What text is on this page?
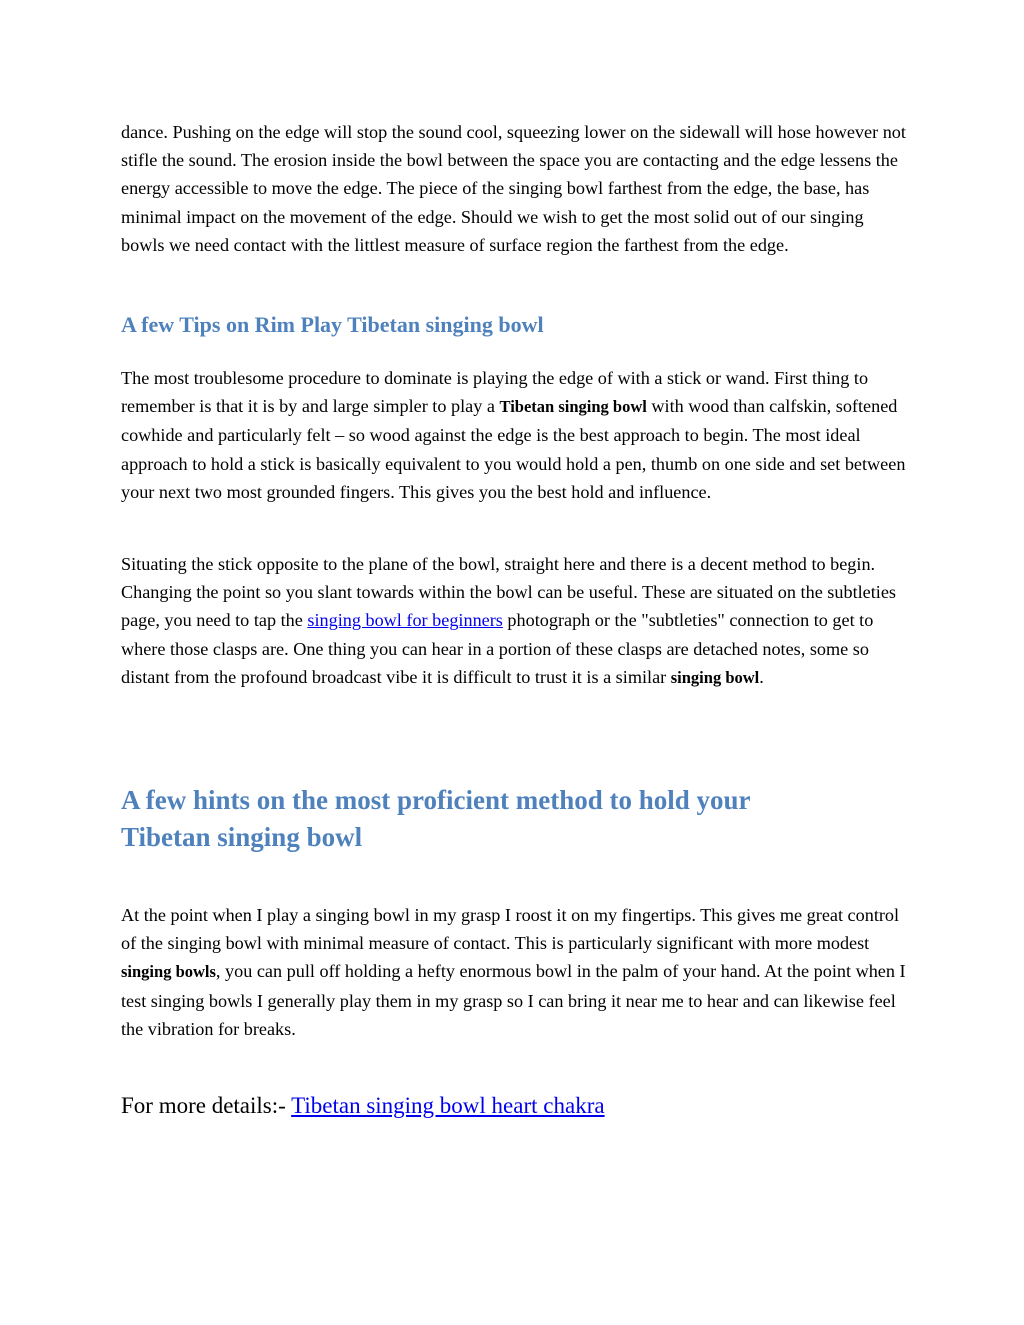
dance. Pushing on the edge will stop the sound cool, squeezing lower on the sidewall will hose however not stifle the sound. The erosion inside the bowl between the space you are contacting and the edge lessens the energy accessible to move the edge. The piece of the singing bowl farthest from the edge, the base, has minimal impact on the movement of the edge. Should we wish to get the most solid out of our singing bowls we need contact with the littlest measure of surface region the farthest from the edge.

A few Tips on Rim Play Tibetan singing bowl

The most troublesome procedure to dominate is playing the edge of with a stick or wand. First thing to remember is that it is by and large simpler to play a Tibetan singing bowl with wood than calfskin, softened cowhide and particularly felt – so wood against the edge is the best approach to begin. The most ideal approach to hold a stick is basically equivalent to you would hold a pen, thumb on one side and set between your next two most grounded fingers. This gives you the best hold and influence.

Situating the stick opposite to the plane of the bowl, straight here and there is a decent method to begin. Changing the point so you slant towards within the bowl can be useful. These are situated on the subtleties page, you need to tap the singing bowl for beginners photograph or the "subtleties" connection to get to where those clasps are. One thing you can hear in a portion of these clasps are detached notes, some so distant from the profound broadcast vibe it is difficult to trust it is a similar singing bowl.

A few hints on the most proficient method to hold your Tibetan singing bowl

At the point when I play a singing bowl in my grasp I roost it on my fingertips. This gives me great control of the singing bowl with minimal measure of contact. This is particularly significant with more modest singing bowls, you can pull off holding a hefty enormous bowl in the palm of your hand. At the point when I test singing bowls I generally play them in my grasp so I can bring it near me to hear and can likewise feel the vibration for breaks.

For more details:- Tibetan singing bowl heart chakra
